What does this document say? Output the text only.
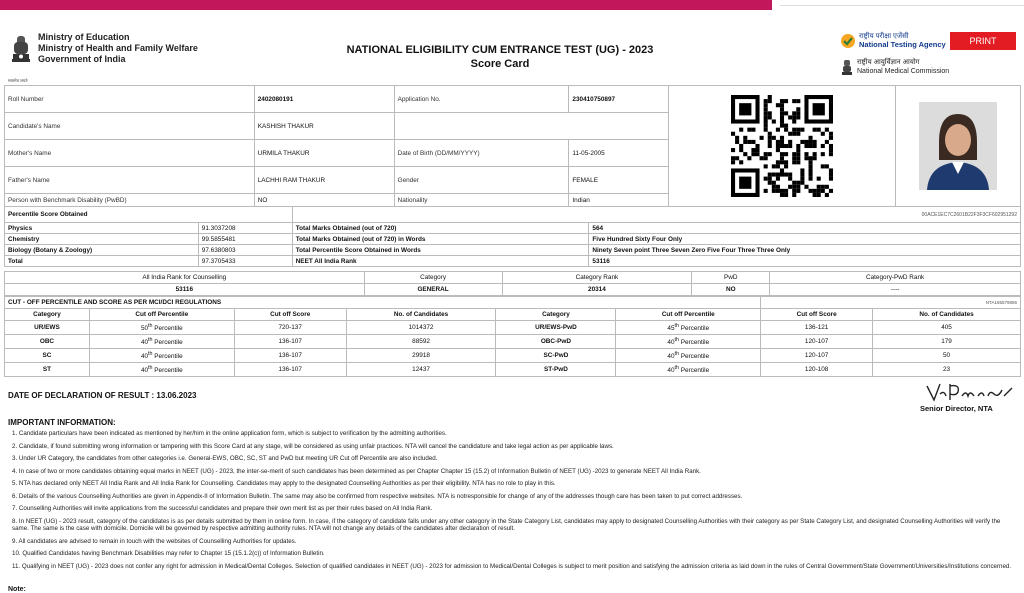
Ministry of Education
Ministry of Health and Family Welfare
Government of India
सत्यमेव जयते
NATIONAL ELIGIBILITY CUM ENTRANCE TEST (UG) - 2023
Score Card
राष्ट्रीय परीक्षा एजेंसी
National Testing Agency
राष्ट्रीय आयुर्विज्ञान आयोग
National Medical Commission
PRINT
Roll Number	2402080191	Application No.	230410750897	

Candidate's Name	KASHISH THAKUR				
Mother's Name	URMILA THAKUR	Date of Birth (DD/MM/YYYY)	11-05-2005		
Father's Name	LACHHI RAM THAKUR	Gender	FEMALE		
Person with Benchmark Disability (PwBD)	NO	Nationality	Indian		
Percentile Score Obtained		00ACE1EC7C2601B22F3F3CF602951292	
Physics	91.3037208	Total Marks Obtained (out of 720)	564
Chemistry	99.5855481	Total Marks Obtained (out of 720) in Words	Five Hundred Sixty Four Only
Biology (Botany & Zoology)	97.6380803	Total Percentile Score Obtained in Words	Ninety Seven point Three Seven Zero Five Four Three Three Only
Total	97.3705433	NEET All India Rank	53116
All India Rank for Counselling	Category	Category Rank	PwD	Category-PwD Rank
53116	GENERAL	20314	NO	----
CUT - OFF PERCENTILE AND SCORE AS PER MCI/DCI REGULATIONS						NTA1655798​56	
Category	Cut off Percentile	Cut off Score	No. of Candidates	Category	Cut off Percentile	Cut off Score	No. of Candidates
UR/EWS	50th Percentile	720-137	1014372	UR/EWS-PwD	45th Percentile	136-121	405
OBC	40th Percentile	136-107	88592	OBC-PwD	40th Percentile	120-107	179
SC	40th Percentile	136-107	29918	SC-PwD	40th Percentile	120-107	50
ST	40th Percentile	136-107	12437	ST-PwD	40th Percentile	120-108	23
DATE OF DECLARATION OF RESULT : 13.06.2023
Senior Director, NTA
IMPORTANT INFORMATION:

1. Candidate particulars have been indicated as mentioned by her/him in the online application form, which is subject to verification by the admitting authorities.

2. Candidate, if found submitting wrong information or tampering with this Score Card at any stage, will be considered as using unfair practices. NTA will cancel the candidature and take legal action as per applicable laws.

3. Under UR Category, the candidates from other categories i.e. General-EWS, OBC, SC, ST and PwD but meeting UR Cut off Percentile are also included.

4. In case of two or more candidates obtaining equal marks in NEET (UG) - 2023, the inter-se-merit of such candidates has been determined as per Chapter Chapter 15 (15.2) of Information Bulletin of NEET (UG) -2023 to generate NEET All India Rank.

5. NTA has declared only NEET All India Rank and All India Rank for Counselling. Candidates may apply to the designated Counselling Authorities as per their eligibility. NTA has no role to play in this.

6. Details of the various Counselling Authorities are given in Appendix-II of Information Bulletin. The same may also be confirmed from respective websites. NTA is notresponsible for change of any of the addresses though care has been taken to put correct addresses.

7. Counselling Authorities will invite applications from the successful candidates and prepare their own merit list as per their rules based on All India Rank.

8. In NEET (UG) - 2023 result, category of the candidates is as per details submitted by them in online form. In case, if the category of candidate falls under any other category in the State Category List, candidates may apply to designated Counselling Authorities with their category as per State Category List, and designated Counselling Authorities will verify the same. The same is the case with domicile. Domicile will be governed by respective admitting authority rules. NTA will not change any details of the candidates after declaration of result.

9. All candidates are advised to remain in touch with the websites of Counselling Authorities for updates.

10. Qualified Candidates having Benchmark Disabilities may refer to Chapter 15 (15.1.2(c)) of Information Bulletin.

11. Qualifying in NEET (UG) - 2023 does not confer any right for admission in Medical/Dental Colleges. Selection of qualified candidates in NEET (UG) - 2023 for admission to Medical/Dental Colleges is subject to merit position and satisfying the admission criteria as laid down in the rules of Central Government/State Government/Universities/Institutions concerned.

Note:
